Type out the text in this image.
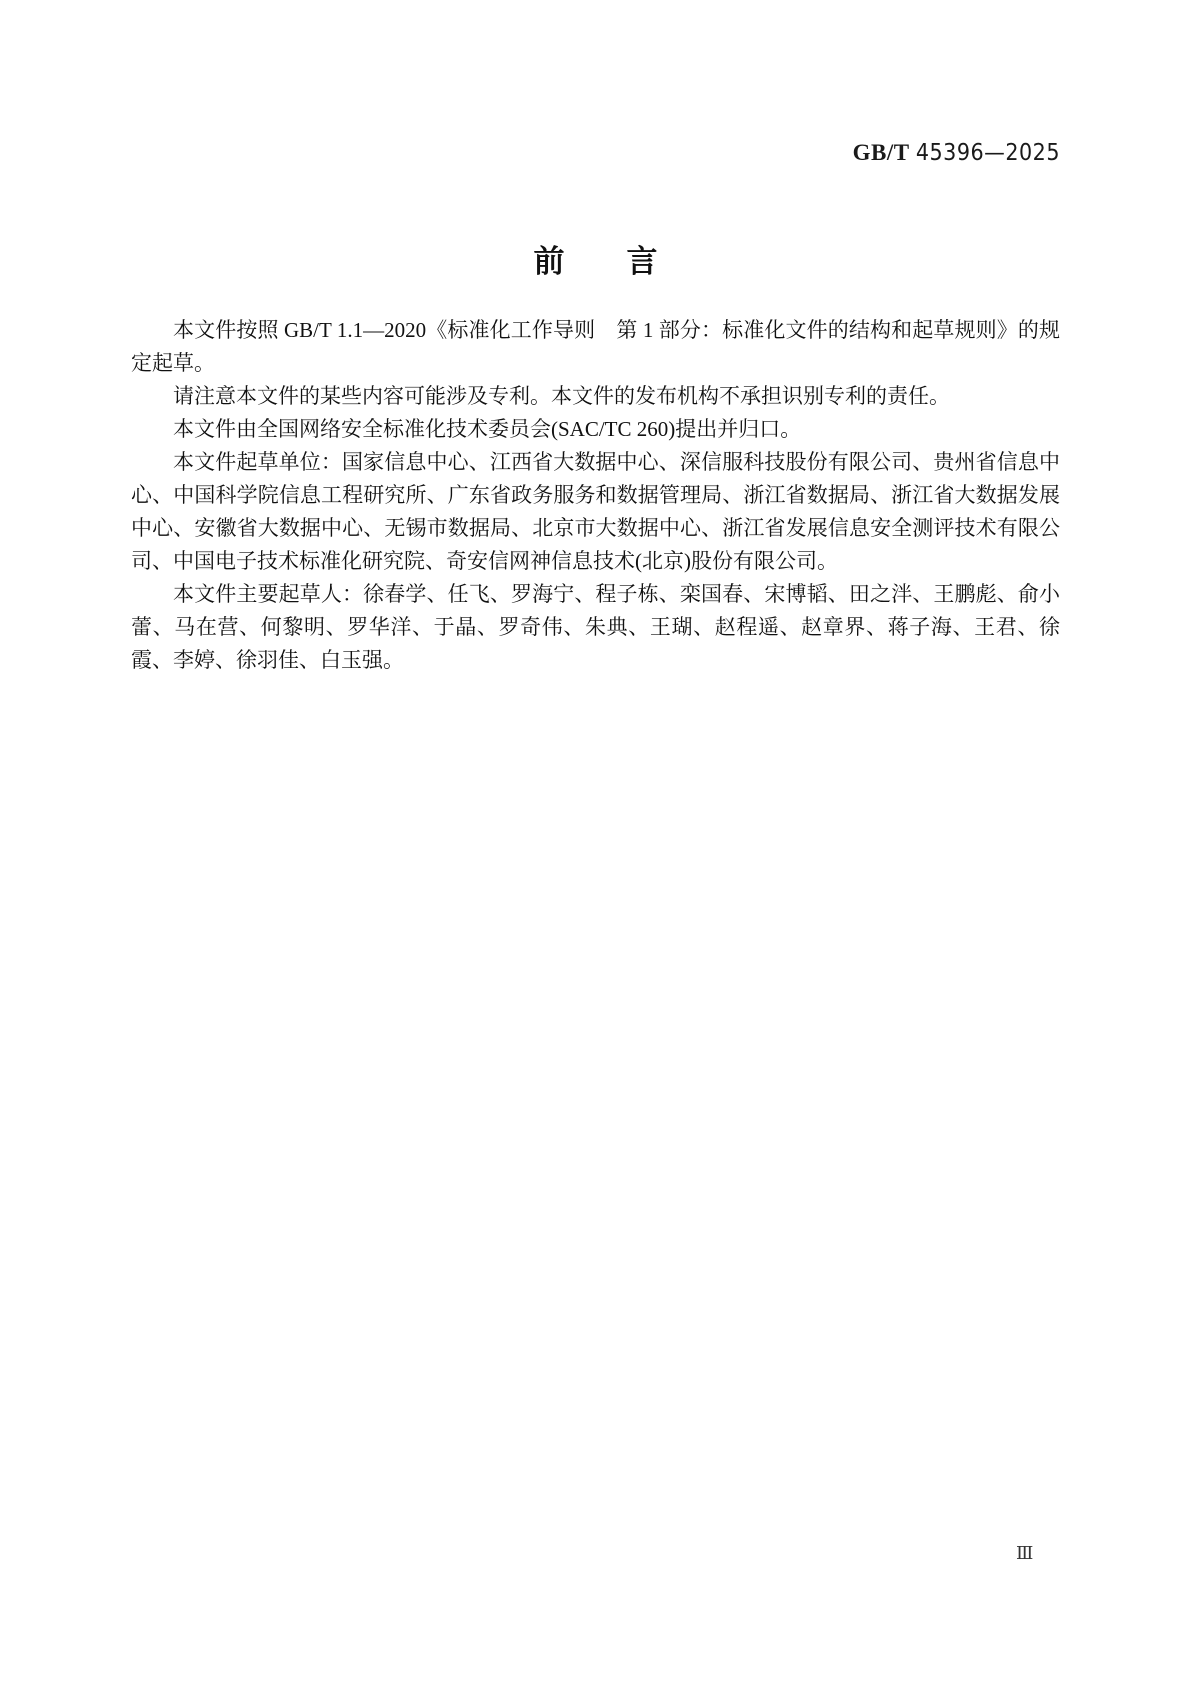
GB/T 45396—2025
前　　言

本文件按照 GB/T 1.1—2020《标准化工作导则　第 1 部分：标准化文件的结构和起草规则》的规定起草。

请注意本文件的某些内容可能涉及专利。本文件的发布机构不承担识别专利的责任。

本文件由全国网络安全标准化技术委员会(SAC/TC 260)提出并归口。

本文件起草单位：国家信息中心、江西省大数据中心、深信服科技股份有限公司、贵州省信息中心、中国科学院信息工程研究所、广东省政务服务和数据管理局、浙江省数据局、浙江省大数据发展中心、安徽省大数据中心、无锡市数据局、北京市大数据中心、浙江省发展信息安全测评技术有限公司、中国电子技术标准化研究院、奇安信网神信息技术(北京)股份有限公司。

本文件主要起草人：徐春学、任飞、罗海宁、程子栋、栾国春、宋博韬、田之泮、王鹏彪、俞小蕾、马在营、何黎明、罗华洋、于晶、罗奇伟、朱典、王瑚、赵程遥、赵章界、蒋子海、王君、徐霞、李婷、徐羽佳、白玉强。

Ⅲ
